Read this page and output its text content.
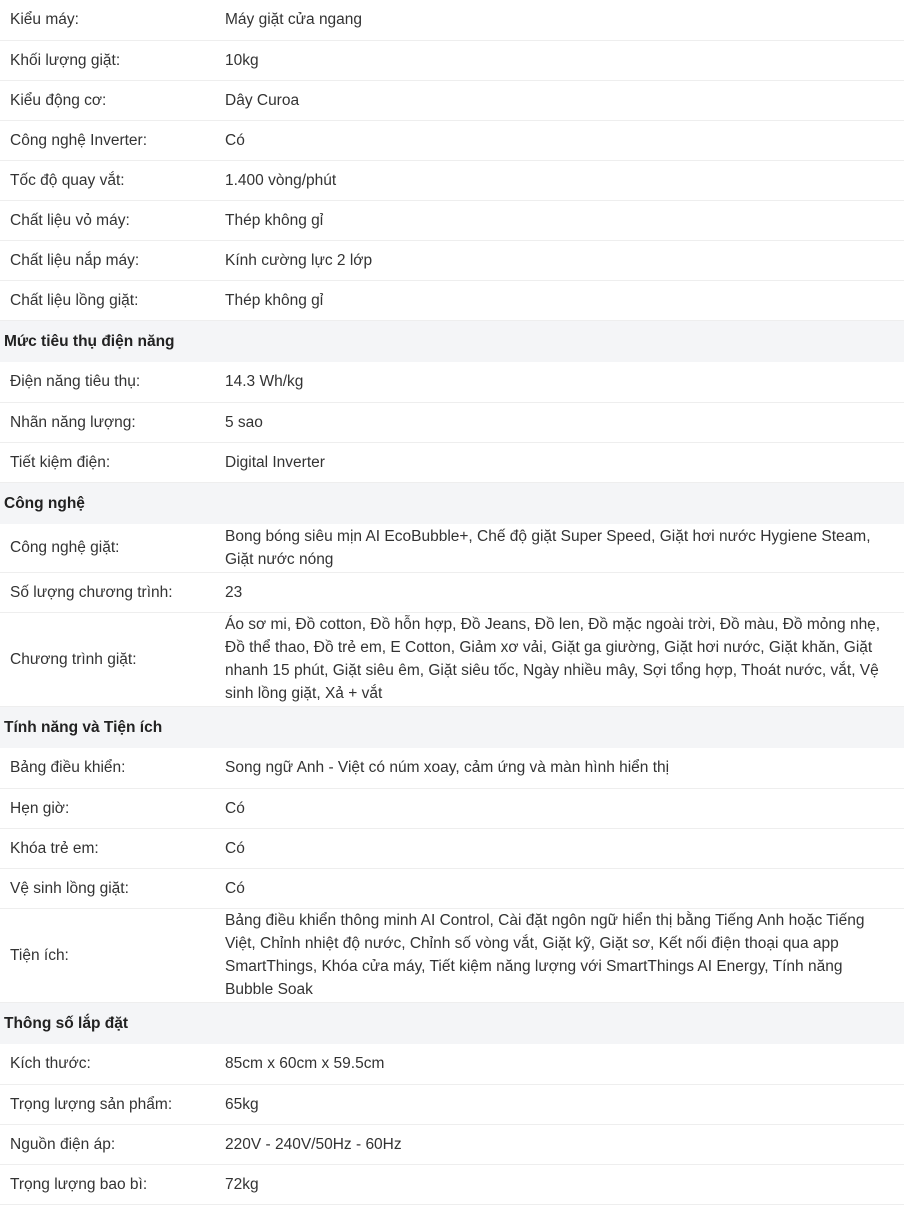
Kiểu máy:	Máy giặt cửa ngang
Khối lượng giặt:	10kg
Kiểu động cơ:	Dây Curoa
Công nghệ Inverter:	Có
Tốc độ quay vắt:	1.400 vòng/phút
Chất liệu vỏ máy:	Thép không gỉ
Chất liệu nắp máy:	Kính cường lực 2 lớp
Chất liệu lồng giặt:	Thép không gỉ
Mức tiêu thụ điện năng	
Điện năng tiêu thụ:	14.3 Wh/kg
Nhãn năng lượng:	5 sao
Tiết kiệm điện:	Digital Inverter
Công nghệ	
Công nghệ giặt:	Bong bóng siêu mịn AI EcoBubble+, Chế độ giặt Super Speed, Giặt hơi nước Hygiene Steam, Giặt nước nóng
Số lượng chương trình:	23
Chương trình giặt:	Áo sơ mi, Đồ cotton, Đồ hỗn hợp, Đồ Jeans, Đồ len, Đồ mặc ngoài trời, Đồ màu, Đồ mỏng nhẹ, Đồ thể thao, Đồ trẻ em, E Cotton, Giảm xơ vải, Giặt ga giường, Giặt hơi nước, Giặt khăn, Giặt nhanh 15 phút, Giặt siêu êm, Giặt siêu tốc, Ngày nhiều mây, Sợi tổng hợp, Thoát nước, vắt, Vệ sinh lồng giặt, Xả + vắt
Tính năng và Tiện ích	
Bảng điều khiển:	Song ngữ Anh - Việt có núm xoay, cảm ứng và màn hình hiển thị
Hẹn giờ:	Có
Khóa trẻ em:	Có
Vệ sinh lồng giặt:	Có
Tiện ích:	Bảng điều khiển thông minh AI Control, Cài đặt ngôn ngữ hiển thị bằng Tiếng Anh hoặc Tiếng Việt, Chỉnh nhiệt độ nước, Chỉnh số vòng vắt, Giặt kỹ, Giặt sơ, Kết nối điện thoại qua app SmartThings, Khóa cửa máy, Tiết kiệm năng lượng với SmartThings AI Energy, Tính năng Bubble Soak
Thông số lắp đặt	
Kích thước:	85cm x 60cm x 59.5cm
Trọng lượng sản phẩm:	65kg
Nguồn điện áp:	220V - 240V/50Hz - 60Hz
Trọng lượng bao bì:	72kg
